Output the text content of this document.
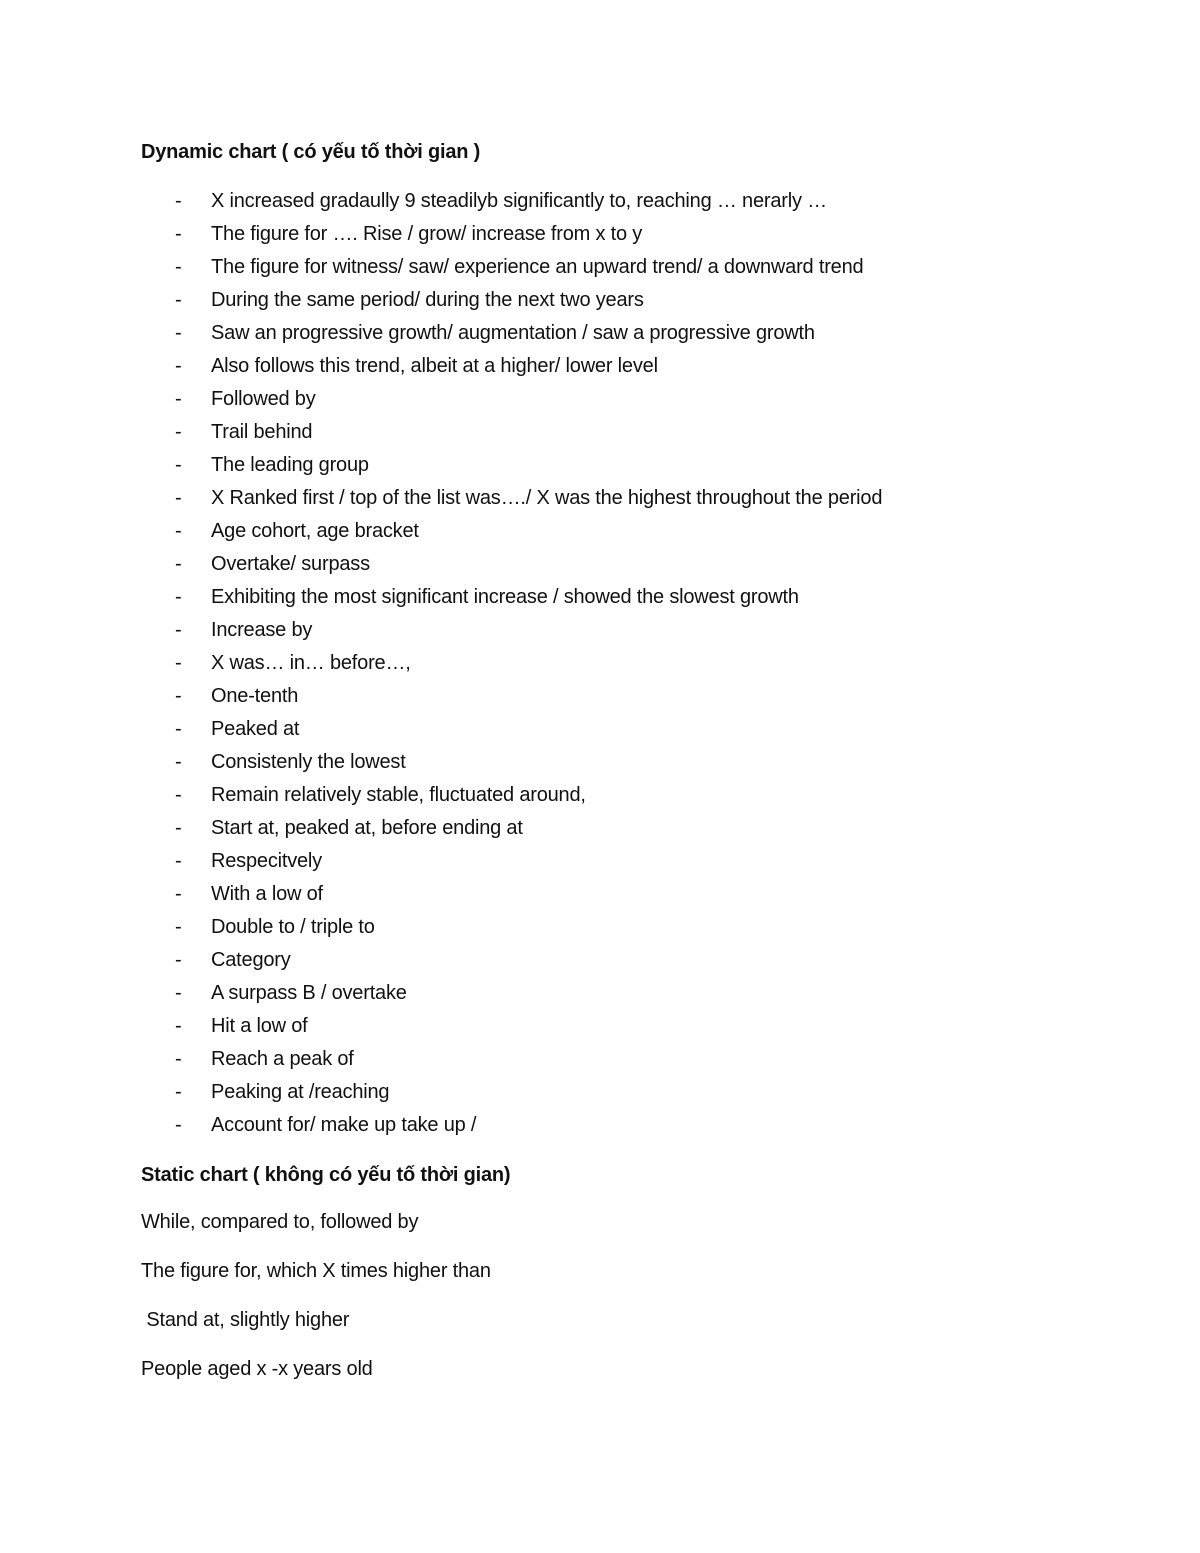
Dynamic chart ( có yếu tố thời gian )
- X increased gradaully 9 steadilyb significantly to, reaching … nerarly …
- The figure for …. Rise / grow/ increase from x to y
- The figure for witness/ saw/ experience an upward trend/ a downward trend
- During the same period/ during the next two years
- Saw an progressive growth/ augmentation / saw a progressive growth
- Also follows this trend, albeit at a higher/ lower level
- Followed by
- Trail behind
- The leading group
- X Ranked first / top of the list was…./ X was the highest throughout the period
- Age cohort, age bracket
- Overtake/ surpass
- Exhibiting the most significant increase / showed the slowest growth
- Increase by
- X was… in… before…,
- One-tenth
- Peaked at
- Consistenly the lowest
- Remain relatively stable, fluctuated around,
- Start at, peaked at, before ending at
- Respecitvely
- With a low of
- Double to / triple to
- Category
- A surpass B / overtake
- Hit a low of
- Reach a peak of
- Peaking at /reaching
- Account for/ make up take up /
Static chart ( không có yếu tố thời gian)

While, compared to, followed by

The figure for, which X times higher than

Stand at, slightly higher

People aged x -x years old
